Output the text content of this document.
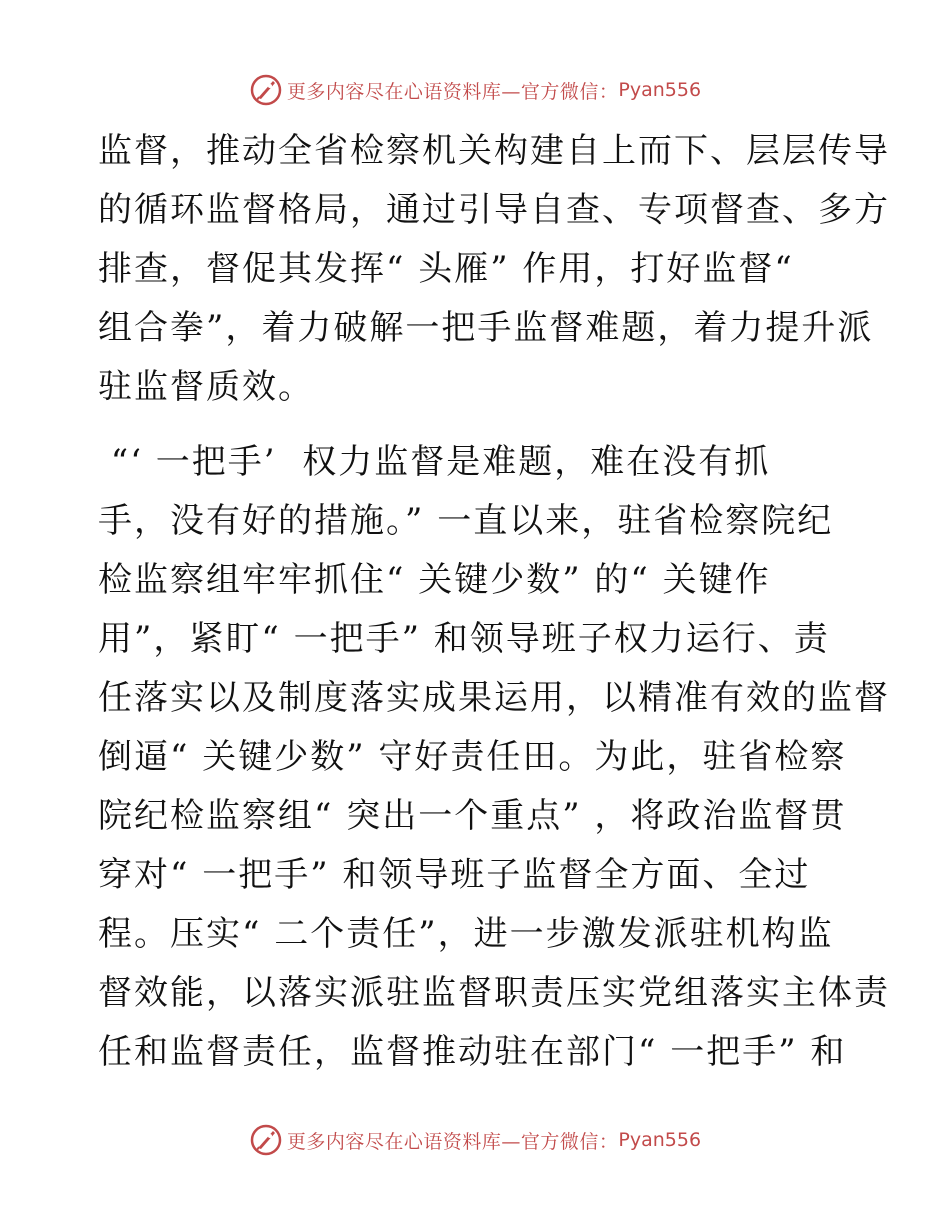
更多内容尽在心语资料库—官方微信： Pyan556
监督，推动全省检察机关构建自上而下、层层传导
的循环监督格局，通过引导自查、专项督查、多方
排查，督促其发挥“ 头雁” 作用，打好监督“
组合拳”，着力破解一把手监督难题，着力提升派
驻监督质效。
“‘ 一把手’  权力监督是难题，难在没有抓
手，没有好的措施。” 一直以来，驻省检察院纪
检监察组牢牢抓住“ 关键少数” 的“ 关键作
用”，紧盯“ 一把手” 和领导班子权力运行、责
任落实以及制度落实成果运用，以精准有效的监督
倒逼“ 关键少数” 守好责任田。为此，驻省检察
院纪检监察组“ 突出一个重点” ，将政治监督贯
穿对“ 一把手” 和领导班子监督全方面、全过
程。压实“ 二个责任”，进一步激发派驻机构监
督效能，以落实派驻监督职责压实党组落实主体责
任和监督责任，监督推动驻在部门“ 一把手” 和
更多内容尽在心语资料库—官方微信： Pyan556
